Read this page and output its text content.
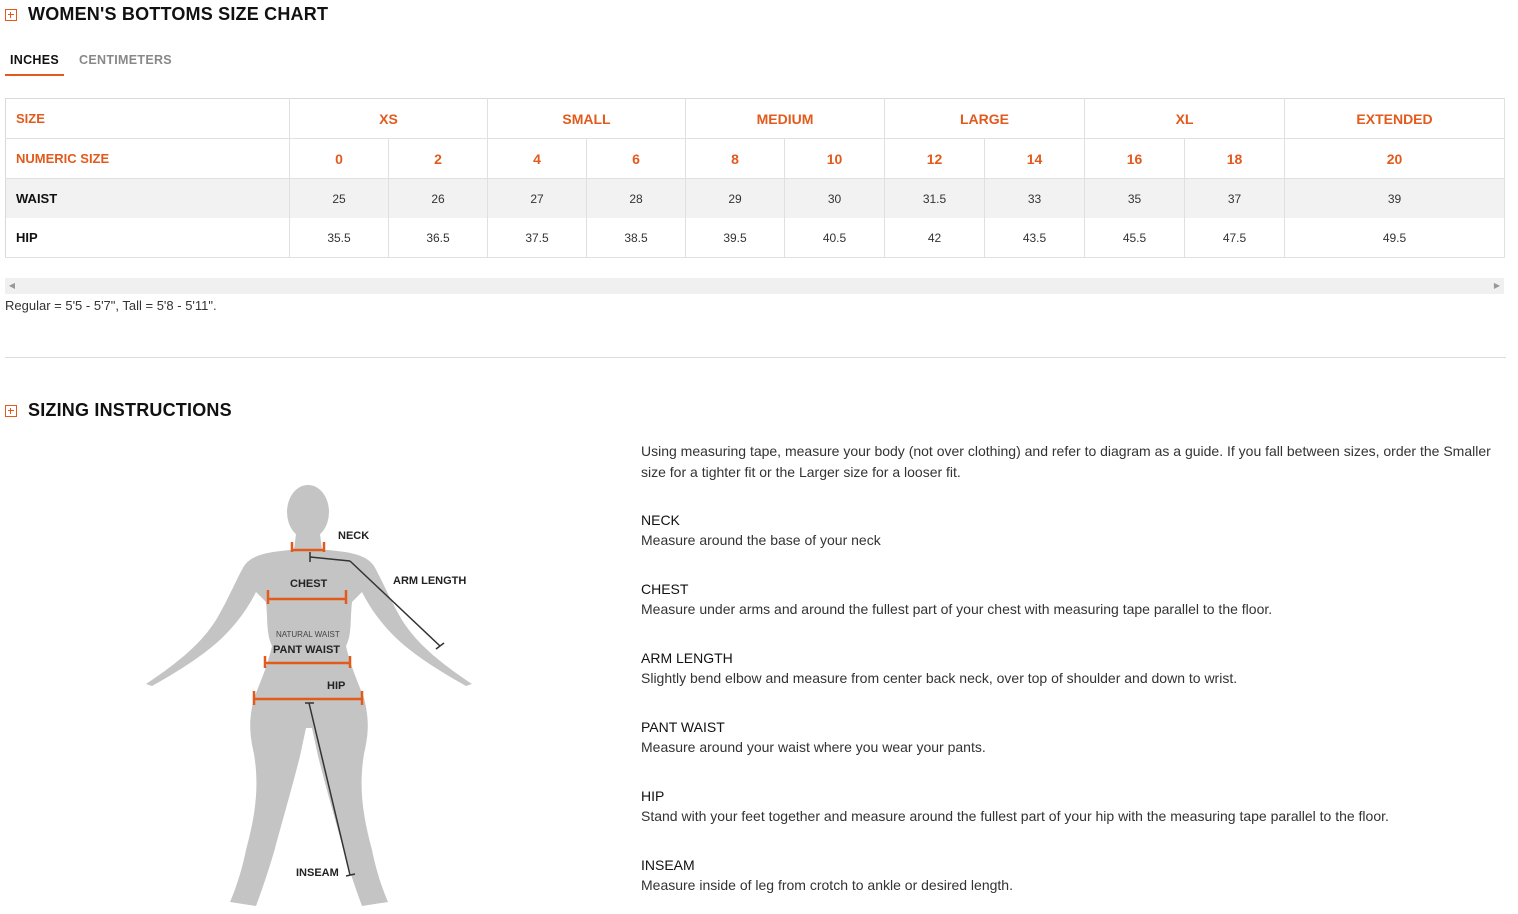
WOMEN'S BOTTOMS SIZE CHART
INCHES	CENTIMETERS
SIZE	XS		SMALL		MEDIUM		LARGE		XL		EXTENDED
NUMERIC SIZE	0	2	4	6	8	10	12	14	16	18	20
WAIST	25	26	27	28	29	30	31.5	33	35	37	39
HIP	35.5	36.5	37.5	38.5	39.5	40.5	42	43.5	45.5	47.5	49.5
◀	▶
Regular = 5'5 - 5'7", Tall = 5'8 - 5'11".
SIZING INSTRUCTIONS
NECK
ARM LENGTH
CHEST
NATURAL WAIST
PANT WAIST
HIP
INSEAM
Using measuring tape, measure your body (not over clothing) and refer to diagram as a guide. If you fall between sizes, order the Smaller size for a tighter fit or the Larger size for a looser fit.
NECK
Measure around the base of your neck
CHEST
Measure under arms and around the fullest part of your chest with measuring tape parallel to the floor.
ARM LENGTH
Slightly bend elbow and measure from center back neck, over top of shoulder and down to wrist.
PANT WAIST
Measure around your waist where you wear your pants.
HIP
Stand with your feet together and measure around the fullest part of your hip with the measuring tape parallel to the floor.
INSEAM
Measure inside of leg from crotch to ankle or desired length.
